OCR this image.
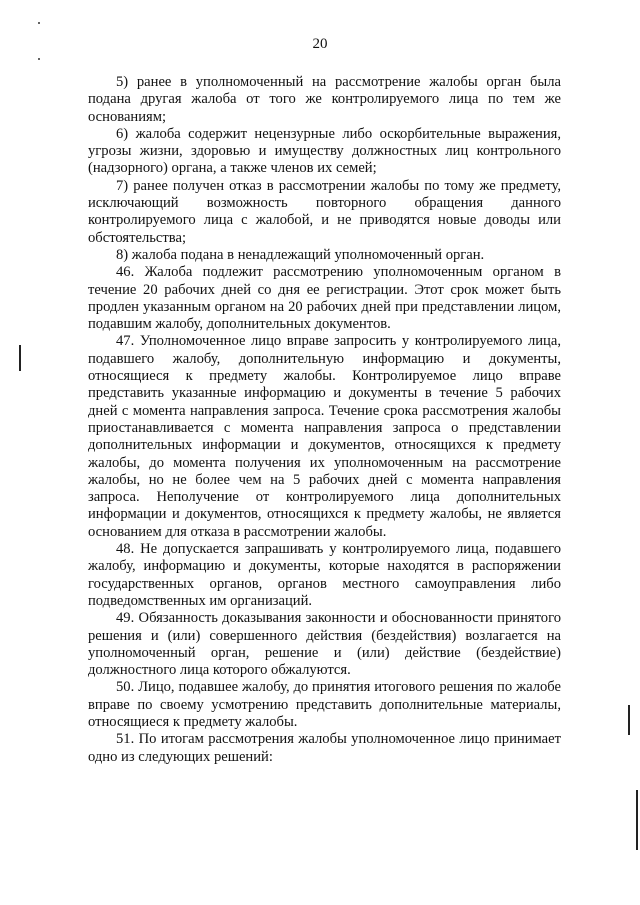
20

5) ранее в уполномоченный на рассмотрение жалобы орган была подана другая жалоба от того же контролируемого лица по тем же основаниям;

6) жалоба содержит нецензурные либо оскорбительные выражения, угрозы жизни, здоровью и имуществу должностных лиц контрольного (надзорного) органа, а также членов их семей;

7) ранее получен отказ в рассмотрении жалобы по тому же предмету, исключающий возможность повторного обращения данного контролируемого лица с жалобой, и не приводятся новые доводы или обстоятельства;

8) жалоба подана в ненадлежащий уполномоченный орган.

46. Жалоба подлежит рассмотрению уполномоченным органом в течение 20 рабочих дней со дня ее регистрации. Этот срок может быть продлен указанным органом на 20 рабочих дней при представлении лицом, подавшим жалобу, дополнительных документов.

47. Уполномоченное лицо вправе запросить у контролируемого лица, подавшего жалобу, дополнительную информацию и документы, относящиеся к предмету жалобы. Контролируемое лицо вправе представить указанные информацию и документы в течение 5 рабочих дней с момента направления запроса. Течение срока рассмотрения жалобы приостанавливается с момента направления запроса о представлении дополнительных информации и документов, относящихся к предмету жалобы, до момента получения их уполномоченным на рассмотрение жалобы, но не более чем на 5 рабочих дней с момента направления запроса. Неполучение от контролируемого лица дополнительных информации и документов, относящихся к предмету жалобы, не является основанием для отказа в рассмотрении жалобы.

48. Не допускается запрашивать у контролируемого лица, подавшего жалобу, информацию и документы, которые находятся в распоряжении государственных органов, органов местного самоуправления либо подведомственных им организаций.

49. Обязанность доказывания законности и обоснованности принятого решения и (или) совершенного действия (бездействия) возлагается на уполномоченный орган, решение и (или) действие (бездействие) должностного лица которого обжалуются.

50. Лицо, подавшее жалобу, до принятия итогового решения по жалобе вправе по своему усмотрению представить дополнительные материалы, относящиеся к предмету жалобы.

51. По итогам рассмотрения жалобы уполномоченное лицо принимает одно из следующих решений:
